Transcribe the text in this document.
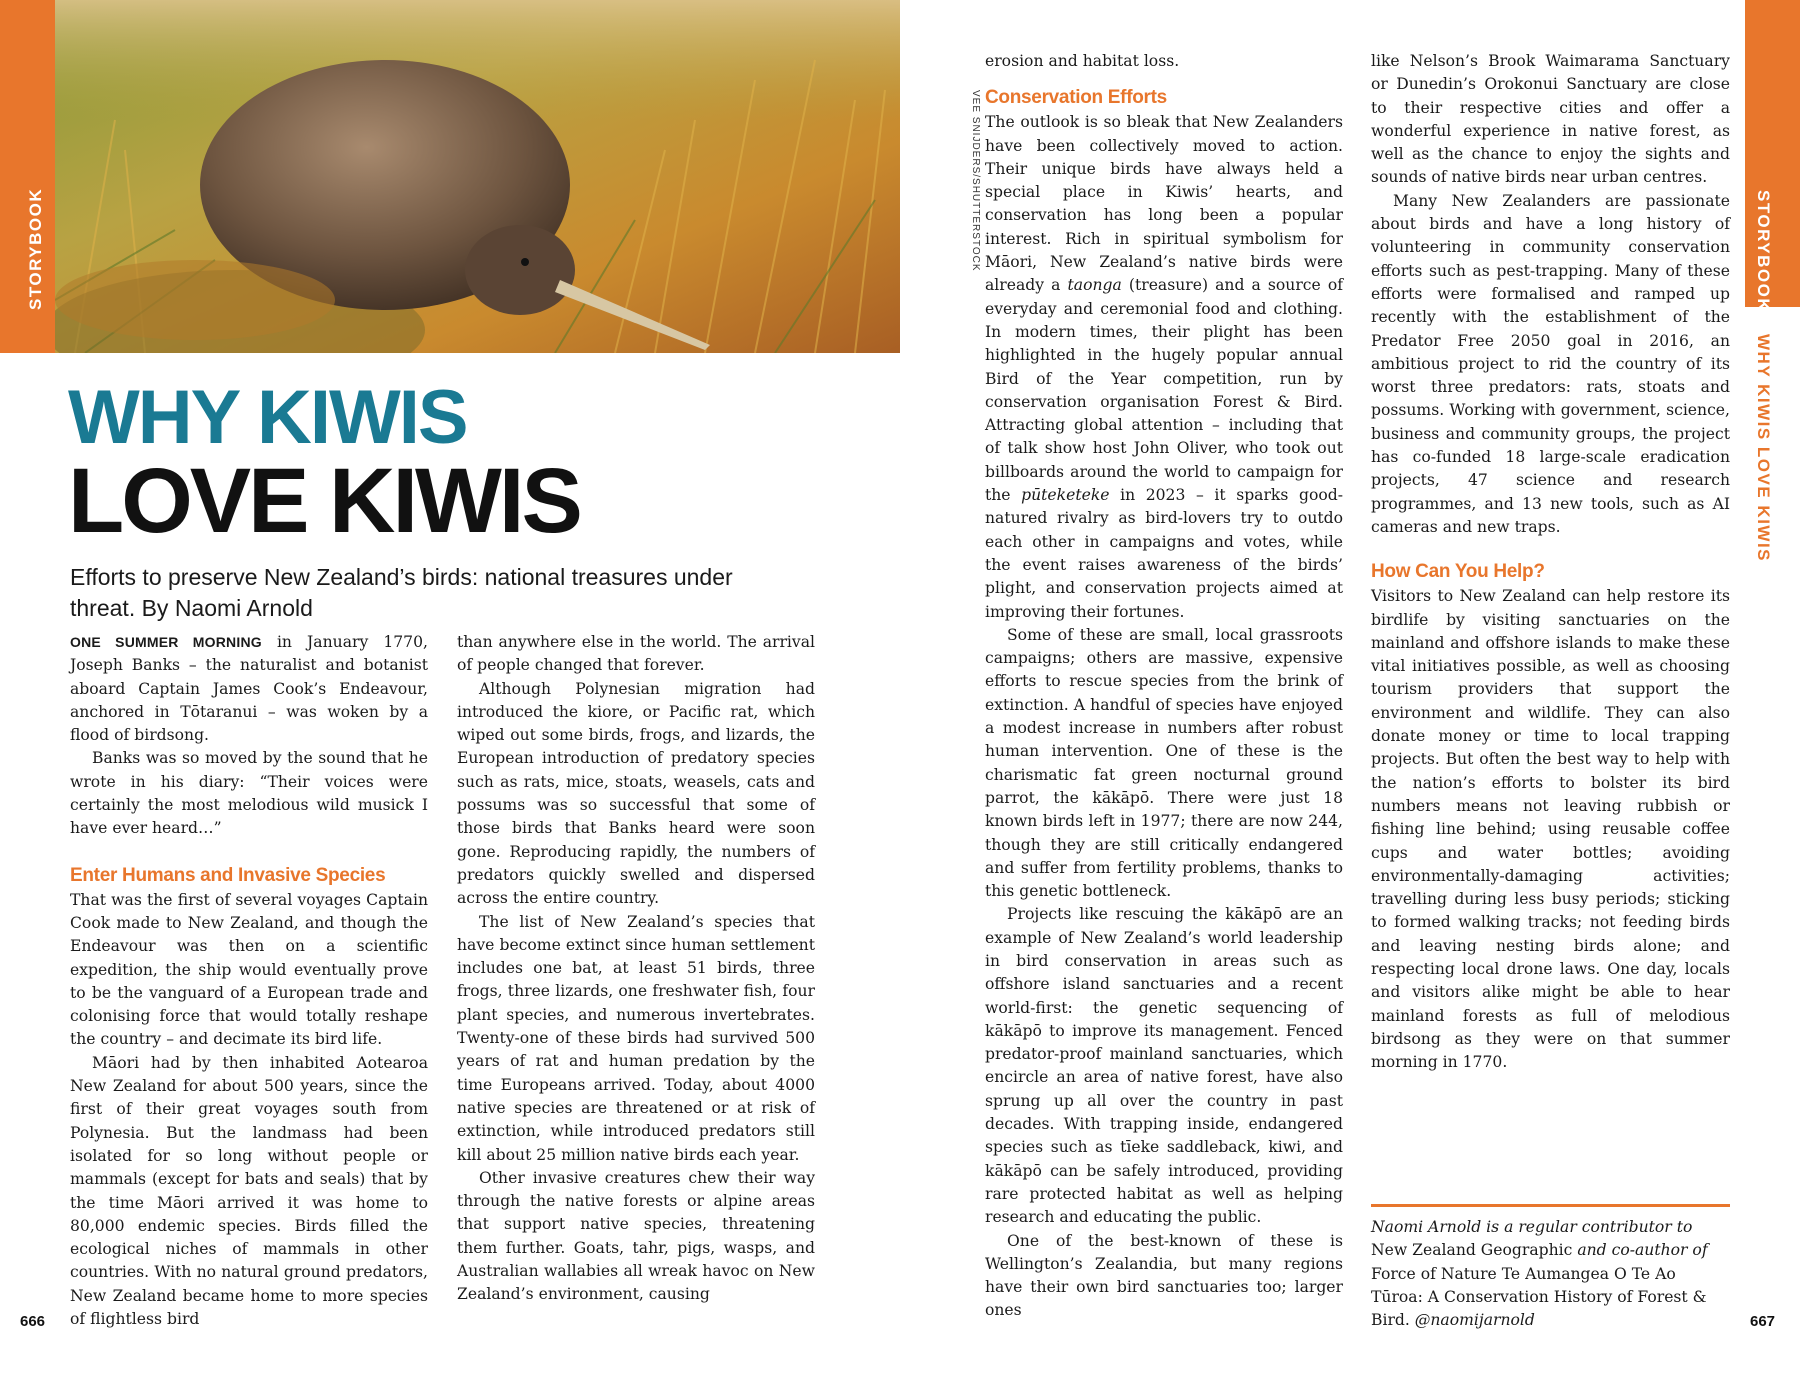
STORYBOOK	VEE SNIJDERS/SHUTTERSTOCK
WHY KIWIS
LOVE KIWIS
Efforts to preserve New Zealand’s birds: national treasures under threat. By Naomi Arnold

ONE SUMMER MORNING in January 1770, Joseph Banks – the naturalist and botanist aboard Captain James Cook’s Endeavour, anchored in Tōtaranui – was woken by a flood of birdsong.

Banks was so moved by the sound that he wrote in his diary: “Their voices were certainly the most melodious wild musick I have ever heard…”

Enter Humans and Invasive Species

That was the first of several voyages Captain Cook made to New Zealand, and though the Endeavour was then on a scientific expedition, the ship would eventually prove to be the vanguard of a European trade and colonising force that would totally reshape the country – and decimate its bird life.

Māori had by then inhabited Aotearoa New Zealand for about 500 years, since the first of their great voyages south from Polynesia. But the landmass had been isolated for so long without people or mammals (except for bats and seals) that by the time Māori arrived it was home to 80,000 endemic species. Birds filled the ecological niches of mammals in other countries. With no natural ground predators, New Zealand became home to more species of flightless bird

than anywhere else in the world. The arrival of people changed that forever.

Although Polynesian migration had introduced the kiore, or Pacific rat, which wiped out some birds, frogs, and lizards, the European introduction of predatory species such as rats, mice, stoats, weasels, cats and possums was so successful that some of those birds that Banks heard were soon gone. Reproducing rapidly, the numbers of predators quickly swelled and dispersed across the entire country.

The list of New Zealand’s species that have become extinct since human settlement includes one bat, at least 51 birds, three frogs, three lizards, one freshwater fish, four plant species, and numerous invertebrates. Twenty-one of these birds had survived 500 years of rat and human predation by the time Europeans arrived. Today, about 4000 native species are threatened or at risk of extinction, while introduced predators still kill about 25 million native birds each year.

Other invasive creatures chew their way through the native forests or alpine areas that support native species, threatening them further. Goats, tahr, pigs, wasps, and Australian wallabies all wreak havoc on New Zealand’s environment, causing

666

erosion and habitat loss.

Conservation Efforts

The outlook is so bleak that New Zealanders have been collectively moved to action. Their unique birds have always held a special place in Kiwis’ hearts, and conservation has long been a popular interest. Rich in spiritual symbolism for Māori, New Zealand’s native birds were already a taonga (treasure) and a source of everyday and ceremonial food and clothing. In modern times, their plight has been highlighted in the hugely popular annual Bird of the Year competition, run by conservation organisation Forest & Bird. Attracting global attention – including that of talk show host John Oliver, who took out billboards around the world to campaign for the pūteketeke in 2023 – it sparks good-natured rivalry as bird-lovers try to outdo each other in campaigns and votes, while the event raises awareness of the birds’ plight, and conservation projects aimed at improving their fortunes.

Some of these are small, local grassroots campaigns; others are massive, expensive efforts to rescue species from the brink of extinction. A handful of species have enjoyed a modest increase in numbers after robust human intervention. One of these is the charismatic fat green nocturnal ground parrot, the kākāpō. There were just 18 known birds left in 1977; there are now 244, though they are still critically endangered and suffer from fertility problems, thanks to this genetic bottleneck.

Projects like rescuing the kākāpō are an example of New Zealand’s world leadership in bird conservation in areas such as offshore island sanctuaries and a recent world-first: the genetic sequencing of kākāpō to improve its management. Fenced predator-proof mainland sanctuaries, which encircle an area of native forest, have also sprung up all over the country in past decades. With trapping inside, endangered species such as tīeke saddleback, kiwi, and kākāpō can be safely introduced, providing rare protected habitat as well as helping research and educating the public.

One of the best-known of these is Wellington’s Zealandia, but many regions have their own bird sanctuaries too; larger ones

like Nelson’s Brook Waimarama Sanctuary or Dunedin’s Orokonui Sanctuary are close to their respective cities and offer a wonderful experience in native forest, as well as the chance to enjoy the sights and sounds of native birds near urban centres.

Many New Zealanders are passionate about birds and have a long history of volunteering in community conservation efforts such as pest-trapping. Many of these efforts were formalised and ramped up recently with the establishment of the Predator Free 2050 goal in 2016, an ambitious project to rid the country of its worst three predators: rats, stoats and possums. Working with government, science, business and community groups, the project has co-funded 18 large-scale eradication projects, 47 science and research programmes, and 13 new tools, such as AI cameras and new traps.

How Can You Help?

Visitors to New Zealand can help restore its birdlife by visiting sanctuaries on the mainland and offshore islands to make these vital initiatives possible, as well as choosing tourism providers that support the environment and wildlife. They can also donate money or time to local trapping projects. But often the best way to help with the nation’s efforts to bolster its bird numbers means not leaving rubbish or fishing line behind; using reusable coffee cups and water bottles; avoiding environmentally-damaging activities; travelling during less busy periods; sticking to formed walking tracks; not feeding birds and leaving nesting birds alone; and respecting local drone laws. One day, locals and visitors alike might be able to hear mainland forests as full of melodious birdsong as they were on that summer morning in 1770.

Naomi Arnold is a regular contributor to New Zealand Geographic and co-author of Force of Nature Te Aumangea O Te Ao Tūroa: A Conservation History of Forest & Bird. @naomijarnold
STORYBOOK
WHY KIWIS LOVE KIWIS
667
